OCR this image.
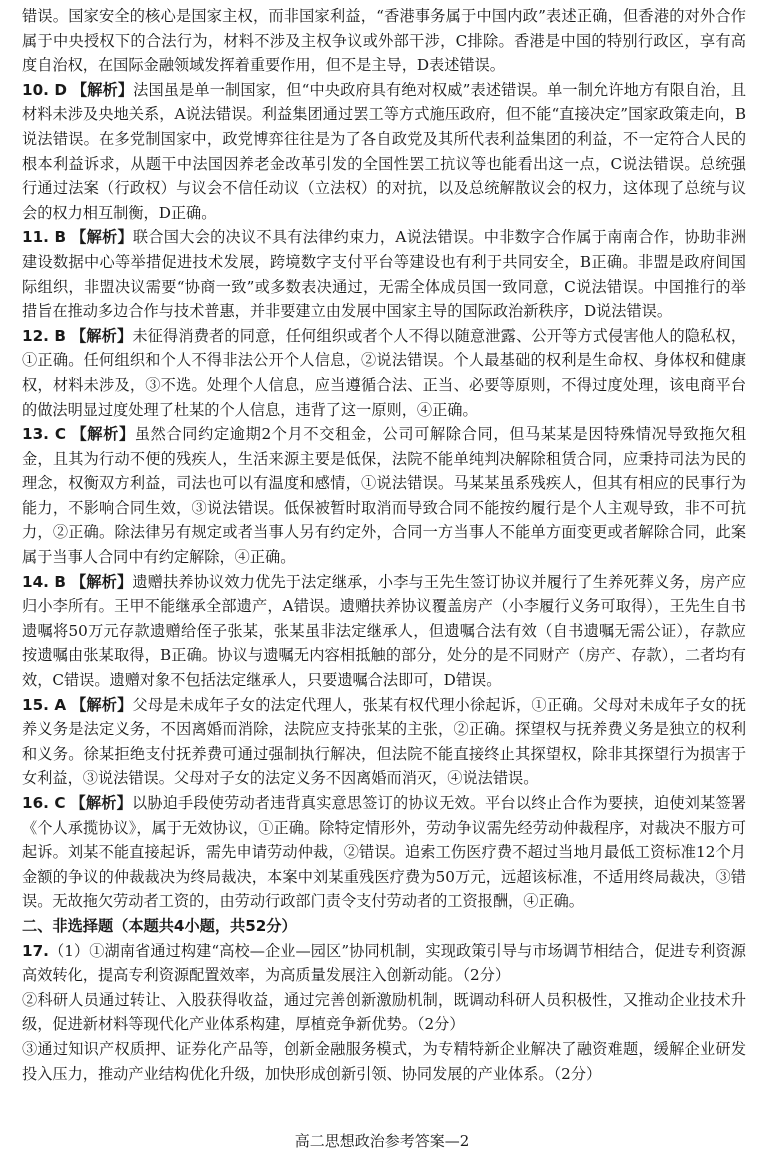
错误。国家安全的核心是国家主权，而非国家利益，“香港事务属于中国内政”表述正确，但香港的对外合作属于中央授权下的合法行为，材料不涉及主权争议或外部干涉，C排除。香港是中国的特别行政区，享有高度自治权，在国际金融领域发挥着重要作用，但不是主导，D表述错误。

10. D 【解析】法国虽是单一制国家，但“中央政府具有绝对权威”表述错误。单一制允许地方有限自治，且材料未涉及央地关系，A说法错误。利益集团通过罢工等方式施压政府，但不能“直接决定”国家政策走向，B说法错误。在多党制国家中，政党博弈往往是为了各自政党及其所代表利益集团的利益，不一定符合人民的根本利益诉求，从题干中法国因养老金改革引发的全国性罢工抗议等也能看出这一点，C说法错误。总统强行通过法案（行政权）与议会不信任动议（立法权）的对抗，以及总统解散议会的权力，这体现了总统与议会的权力相互制衡，D正确。

11. B 【解析】联合国大会的决议不具有法律约束力，A说法错误。中非数字合作属于南南合作，协助非洲建设数据中心等举措促进技术发展，跨境数字支付平台等建设也有利于共同安全，B正确。非盟是政府间国际组织，非盟决议需要“协商一致”或多数表决通过，无需全体成员国一致同意，C说法错误。中国推行的举措旨在推动多边合作与技术普惠，并非要建立由发展中国家主导的国际政治新秩序，D说法错误。

12. B 【解析】未征得消费者的同意，任何组织或者个人不得以随意泄露、公开等方式侵害他人的隐私权，①正确。任何组织和个人不得非法公开个人信息，②说法错误。个人最基础的权利是生命权、身体权和健康权，材料未涉及，③不选。处理个人信息，应当遵循合法、正当、必要等原则，不得过度处理，该电商平台的做法明显过度处理了杜某的个人信息，违背了这一原则，④正确。

13. C 【解析】虽然合同约定逾期2个月不交租金，公司可解除合同，但马某某是因特殊情况导致拖欠租金，且其为行动不便的残疾人，生活来源主要是低保，法院不能单纯判决解除租赁合同，应秉持司法为民的理念，权衡双方利益，司法也可以有温度和感情，①说法错误。马某某虽系残疾人，但其有相应的民事行为能力，不影响合同生效，③说法错误。低保被暂时取消而导致合同不能按约履行是个人主观导致，非不可抗力，②正确。除法律另有规定或者当事人另有约定外，合同一方当事人不能单方面变更或者解除合同，此案属于当事人合同中有约定解除，④正确。

14. B 【解析】遗赠扶养协议效力优先于法定继承，小李与王先生签订协议并履行了生养死葬义务，房产应归小李所有。王甲不能继承全部遗产，A错误。遗赠扶养协议覆盖房产（小李履行义务可取得），王先生自书遗嘱将50万元存款遗赠给侄子张某，张某虽非法定继承人，但遗嘱合法有效（自书遗嘱无需公证），存款应按遗嘱由张某取得，B正确。协议与遗嘱无内容相抵触的部分，处分的是不同财产（房产、存款），二者均有效，C错误。遗赠对象不包括法定继承人，只要遗嘱合法即可，D错误。

15. A 【解析】父母是未成年子女的法定代理人，张某有权代理小徐起诉，①正确。父母对未成年子女的抚养义务是法定义务，不因离婚而消除，法院应支持张某的主张，②正确。探望权与抚养费义务是独立的权利和义务。徐某拒绝支付抚养费可通过强制执行解决，但法院不能直接终止其探望权，除非其探望行为损害于女利益，③说法错误。父母对子女的法定义务不因离婚而消灭，④说法错误。

16. C 【解析】以胁迫手段使劳动者违背真实意思签订的协议无效。平台以终止合作为要挟，迫使刘某签署《个人承揽协议》，属于无效协议，①正确。除特定情形外，劳动争议需先经劳动仲裁程序，对裁决不服方可起诉。刘某不能直接起诉，需先申请劳动仲裁，②错误。追索工伤医疗费不超过当地月最低工资标准12个月金额的争议的仲裁裁决为终局裁决，本案中刘某重残医疗费为50万元，远超该标准，不适用终局裁决，③错误。无故拖欠劳动者工资的，由劳动行政部门责令支付劳动者的工资报酬，④正确。

二、非选择题（本题共4小题，共52分）

17.（1）①湖南省通过构建“高校—企业—园区”协同机制，实现政策引导与市场调节相结合，促进专利资源高效转化，提高专利资源配置效率，为高质量发展注入创新动能。（2分）

②科研人员通过转让、入股获得收益，通过完善创新激励机制，既调动科研人员积极性，又推动企业技术升级，促进新材料等现代化产业体系构建，厚植竞争新优势。（2分）

③通过知识产权质押、证券化产品等，创新金融服务模式，为专精特新企业解决了融资难题，缓解企业研发投入压力，推动产业结构优化升级，加快形成创新引领、协同发展的产业体系。（2分）

高二思想政治参考答案—2
